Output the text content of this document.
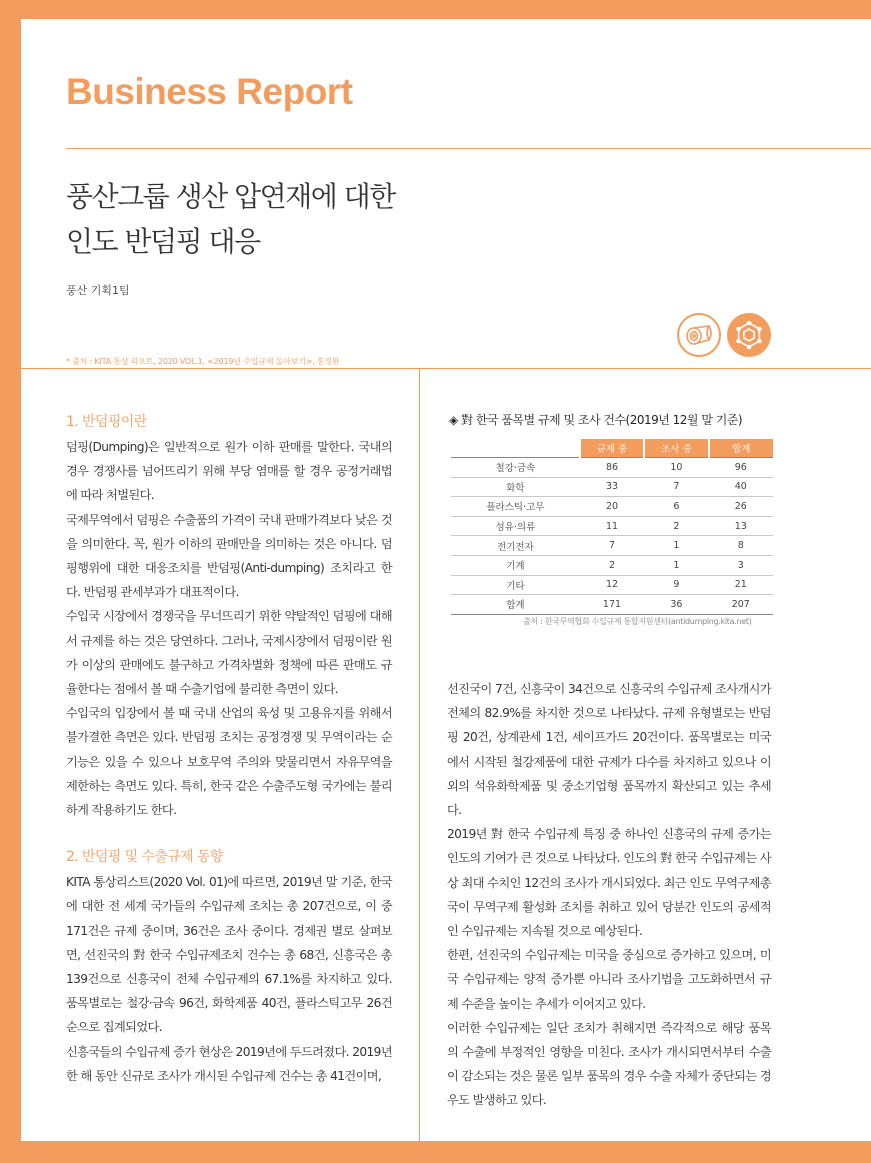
Business Report
풍산그룹 생산 압연재에 대한
인도 반덤핑 대응
풍산 기획1팀
* 출처 : KITA 통상 리포트, 2020 VOL.1, <2019년 수입규제 돌아보기>, 홍정완
1. 반덤핑이란

덤핑(Dumping)은 일반적으로 원가 이하 판매를 말한다. 국내의 경우 경쟁사를 넘어뜨리기 위해 부당 염매를 할 경우 공정거래법에 따라 처벌된다.

국제무역에서 덤핑은 수출품의 가격이 국내 판매가격보다 낮은 것을 의미한다. 꼭, 원가 이하의 판매만을 의미하는 것은 아니다. 덤핑행위에 대한 대응조치를 반덤핑(Anti-dumping) 조치라고 한다. 반덤핑 관세부과가 대표적이다.

수입국 시장에서 경쟁국을 무너뜨리기 위한 약탈적인 덤핑에 대해서 규제를 하는 것은 당연하다. 그러나, 국제시장에서 덤핑이란 원가 이상의 판매에도 불구하고 가격차별화 정책에 따른 판매도 규율한다는 점에서 볼 때 수출기업에 불리한 측면이 있다.

수입국의 입장에서 볼 때 국내 산업의 육성 및 고용유지를 위해서 불가결한 측면은 있다. 반덤핑 조치는 공정경쟁 및 무역이라는 순기능은 있을 수 있으나 보호무역 주의와 맞물리면서 자유무역을 제한하는 측면도 있다. 특히, 한국 같은 수출주도형 국가에는 불리하게 작용하기도 한다.

2. 반덤핑 및 수출규제 동향

KITA 통상리스트(2020 Vol. 01)에 따르면, 2019년 말 기준, 한국에 대한 전 세계 국가들의 수입규제 조치는 총 207건으로, 이 중 171건은 규제 중이며, 36건은 조사 중이다. 경제권 별로 살펴보면, 선진국의 對 한국 수입규제조치 건수는 총 68건, 신흥국은 총 139건으로 신흥국이 전체 수입규제의 67.1%를 차지하고 있다. 품목별로는 철강·금속 96건, 화학제품 40건, 플라스틱고무 26건 순으로 집계되었다.

신흥국들의 수입규제 증가 현상은 2019년에 두드려졌다. 2019년 한 해 동안 신규로 조사가 개시된 수입규제 건수는 총 41건이며,

◈ 對 한국 품목별 규제 및 조사 건수(2019년 12월 말 기준)
	규제 중	조사 중	합계
철강·금속	86	10	96
화학	33	7	40
플라스틱·고무	20	6	26
섬유·의류	11	2	13
전기전자	7	1	8
기계	2	1	3
기타	12	9	21
합계	171	36	207
출처 : 한국무역협회 수입규제 통합지원센터(antidumping.kita.net)

선진국이 7건, 신흥국이 34건으로 신흥국의 수입규제 조사개시가 전체의 82.9%를 차지한 것으로 나타났다. 규제 유형별로는 반덤핑 20건, 상계관세 1건, 세이프가드 20건이다. 품목별로는 미국에서 시작된 철강제품에 대한 규제가 다수를 차지하고 있으나 이외의 석유화학제품 및 중소기업형 품목까지 확산되고 있는 추세다.

2019년 對 한국 수입규제 특징 중 하나인 신흥국의 규제 증가는 인도의 기여가 큰 것으로 나타났다. 인도의 對 한국 수입규제는 사상 최대 수치인 12건의 조사가 개시되었다. 최근 인도 무역구제총국이 무역구제 활성화 조치를 취하고 있어 당분간 인도의 공세적인 수입규제는 지속될 것으로 예상된다.

한편, 선진국의 수입규제는 미국을 중심으로 증가하고 있으며, 미국 수입규제는 양적 증가뿐 아니라 조사기법을 고도화하면서 규제 수준을 높이는 추세가 이어지고 있다.

이러한 수입규제는 일단 조치가 취해지면 즉각적으로 해당 품목의 수출에 부정적인 영향을 미친다. 조사가 개시되면서부터 수출이 감소되는 것은 물론 일부 품목의 경우 수출 자체가 중단되는 경우도 발생하고 있다.
